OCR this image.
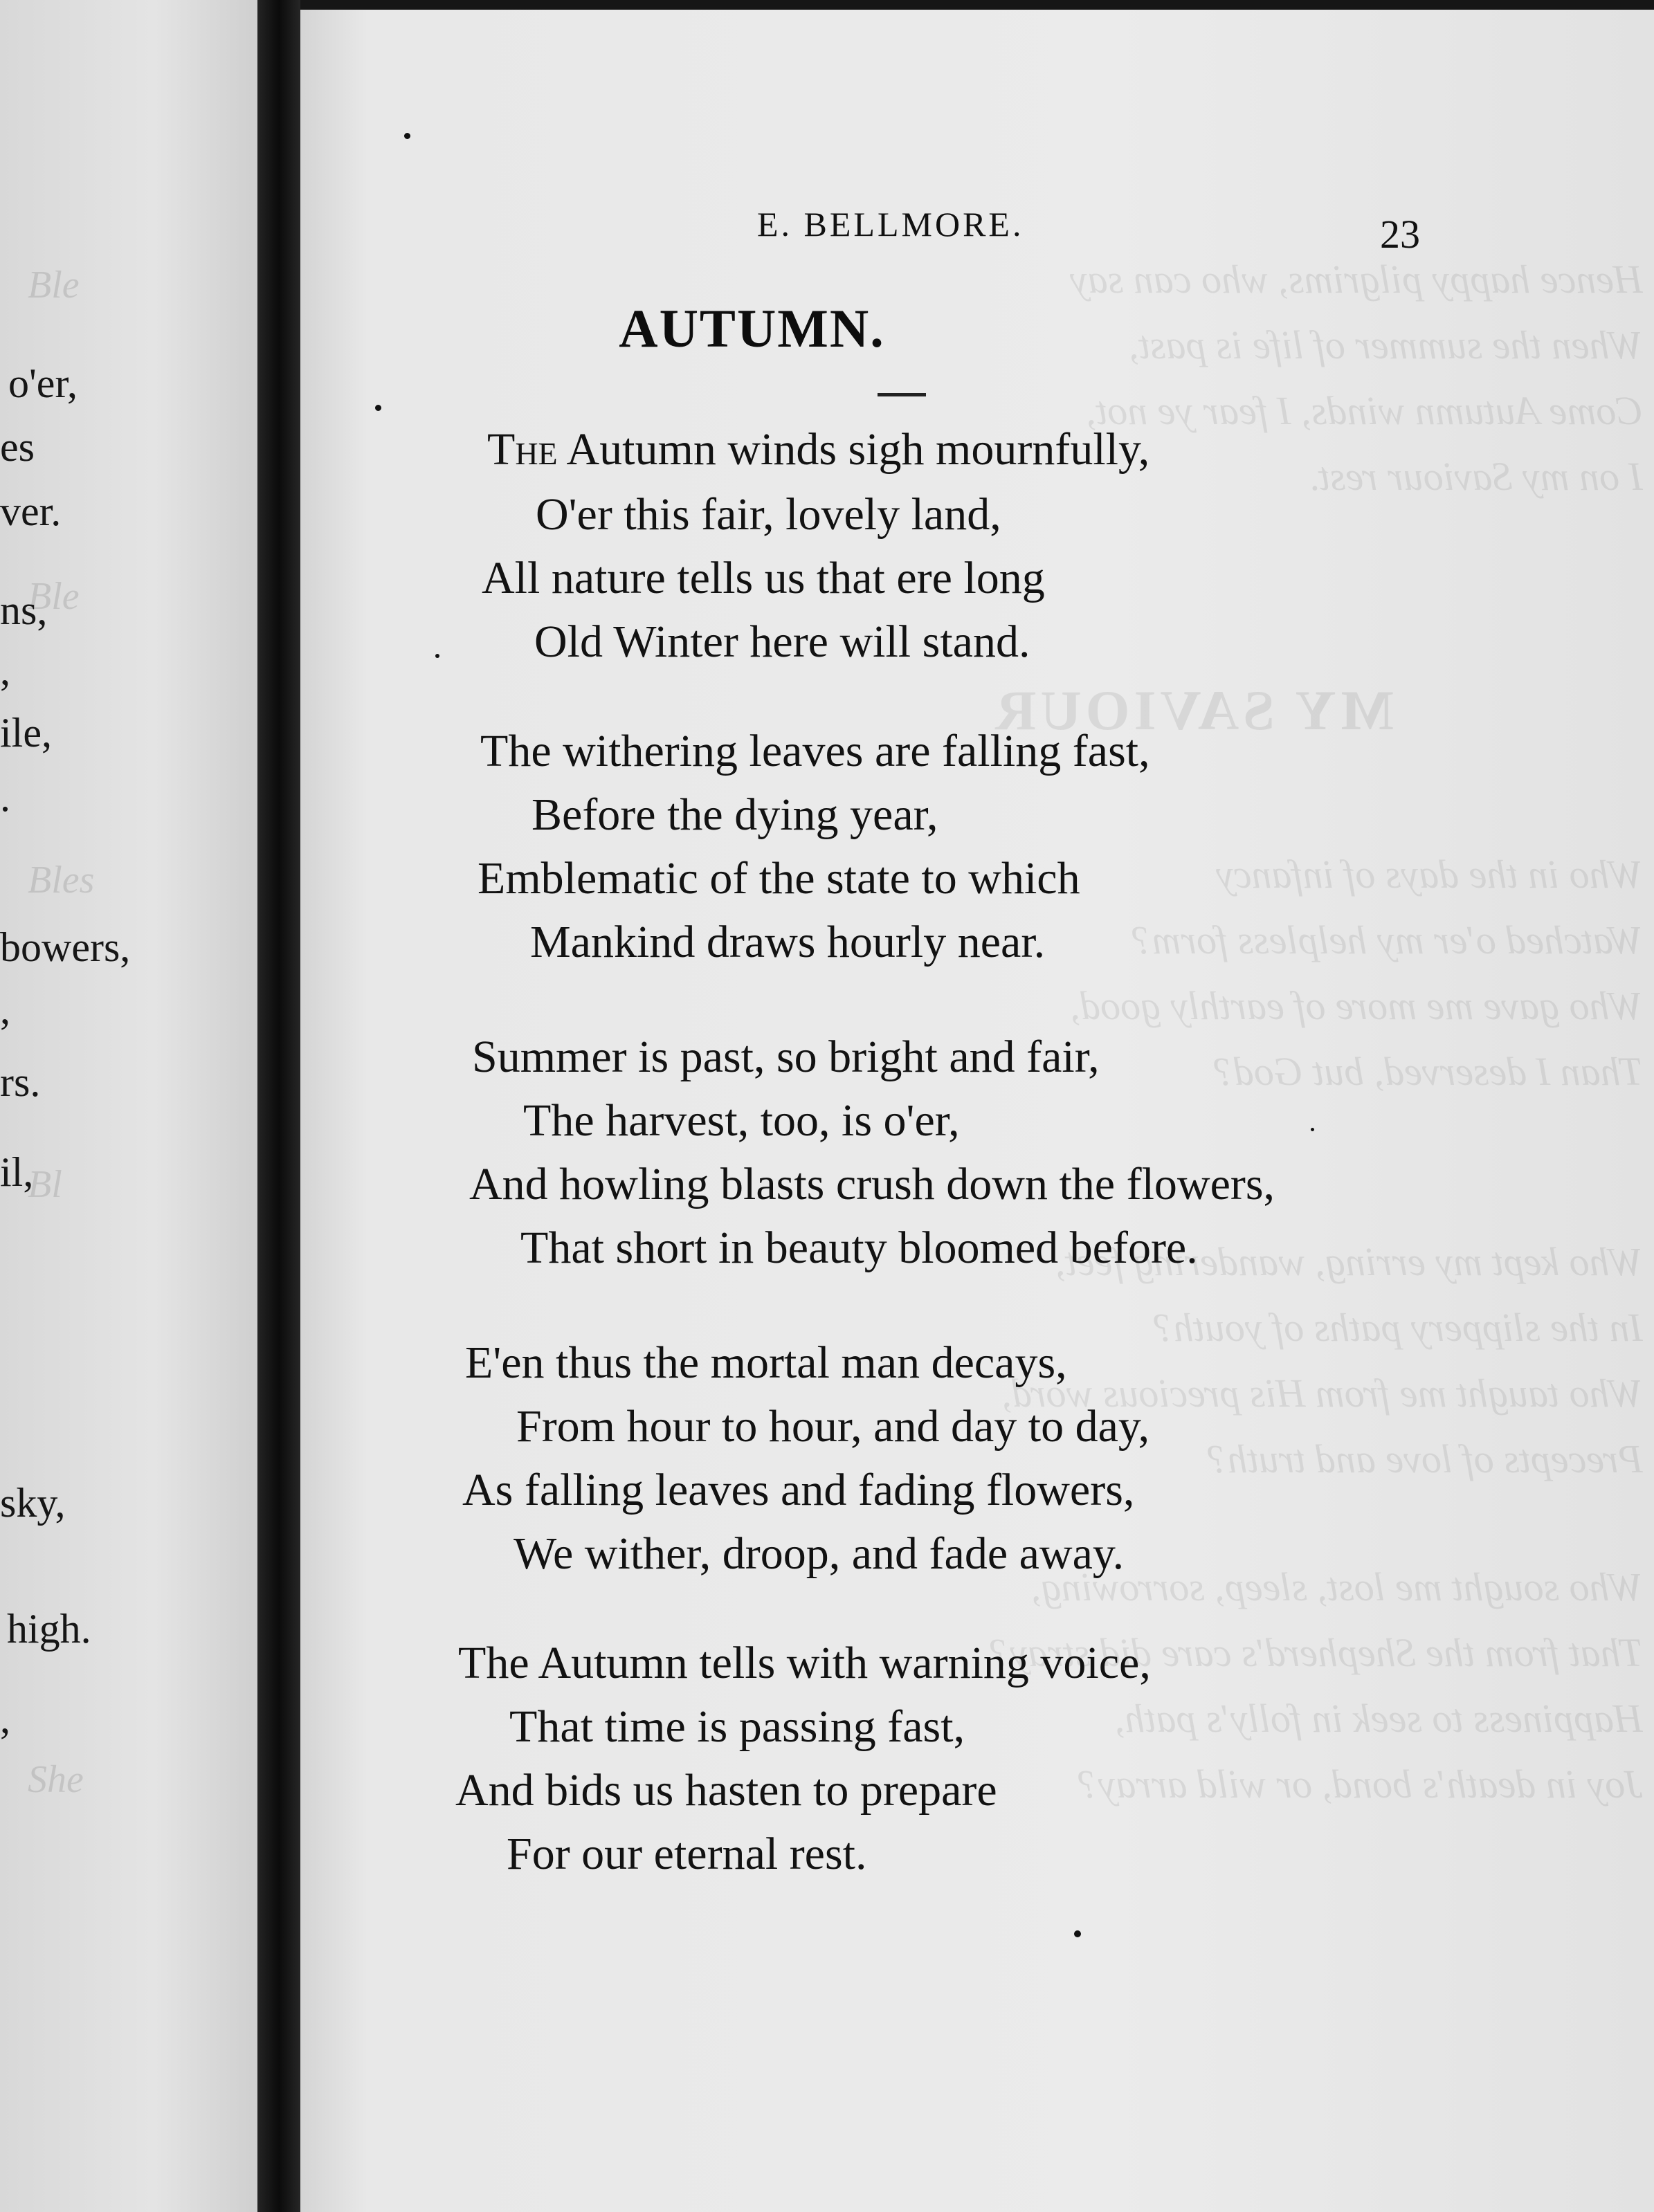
Ble
Ble
Bles
Bl
She
o'er,
es
ver.
ns,
,
ile,
.
bowers,
,
rs.
il,
sky,
high.
,
Hence happy pilgrims, who can say
When the summer of life is past,
Come Autumn winds, I fear ye not,
I on my Saviour rest.
MY SAVIOUR
Who in the days of infancy
Watched o'er my helpless form?
Who gave me more of earthly good,
Than I deserved, but God?
Who kept my erring, wandering feet,
In the slippery paths of youth?
Who taught me from His precious word,
Precepts of love and truth?
Who sought me lost, sleep, sorrowing,
That from the Shepherd's care did stray?
Happiness to seek in folly's path,
Joy in death's bond, or wild array?
E. BELLMORE.	23
AUTUMN.
The Autumn winds sigh mournfully,
O'er this fair, lovely land,
All nature tells us that ere long
Old Winter here will stand.
The withering leaves are falling fast,
Before the dying year,
Emblematic of the state to which
Mankind draws hourly near.
Summer is past, so bright and fair,
The harvest, too, is o'er,
And howling blasts crush down the flowers,
That short in beauty bloomed before.
E'en thus the mortal man decays,
From hour to hour, and day to day,
As falling leaves and fading flowers,
We wither, droop, and fade away.
The Autumn tells with warning voice,
That time is passing fast,
And bids us hasten to prepare
For our eternal rest.
